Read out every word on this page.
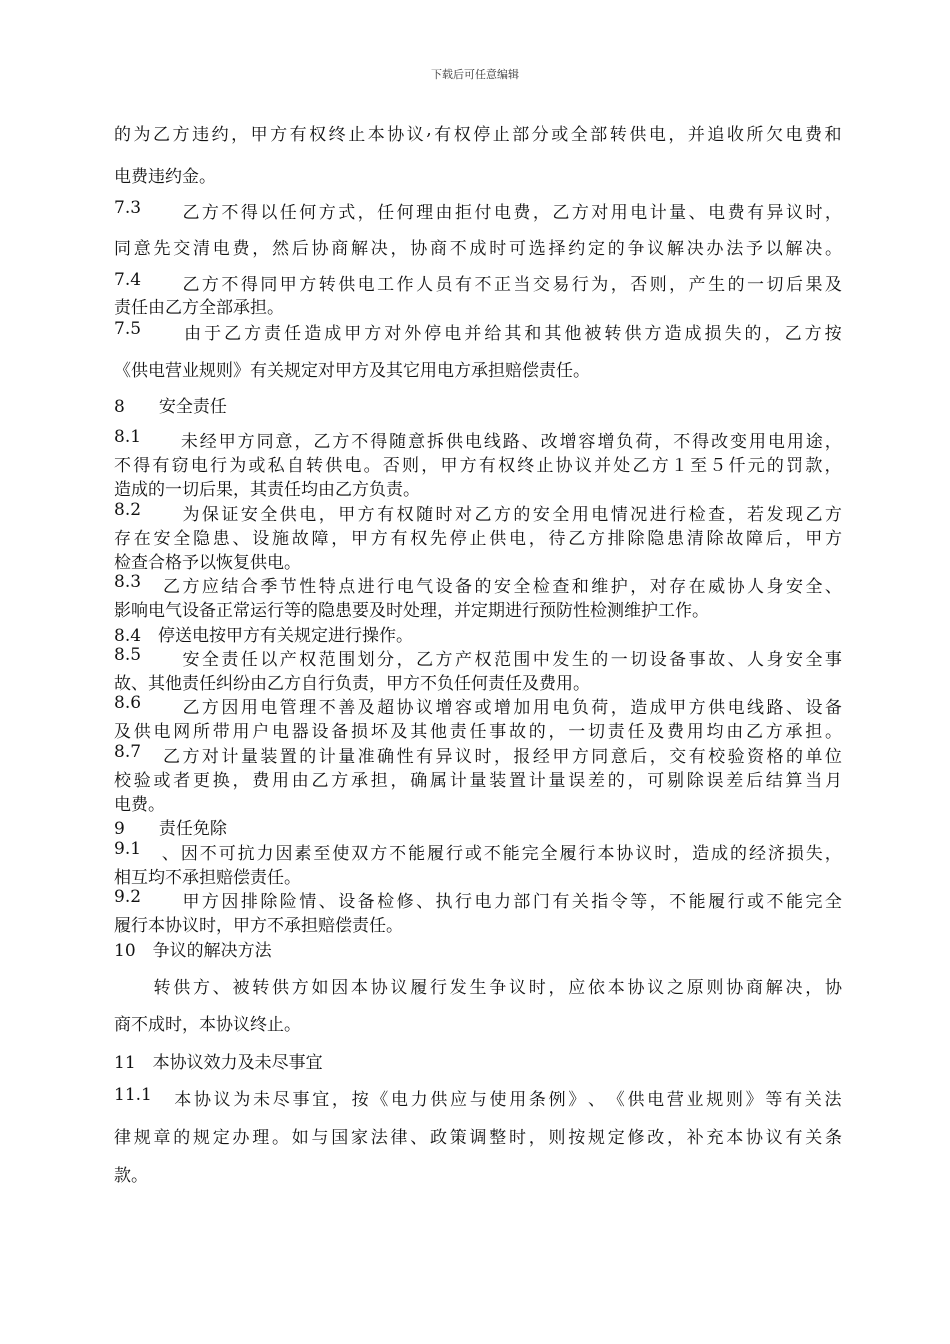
下载后可任意编辑
的 为 乙 方 违 约 ， 甲 方 有 权 终 止 本 协 议 , 有 权 停 止 部 分 或 全 部 转 供 电 ， 并 追 收 所 欠 电 费 和
电费违约金。
7.3

　 乙 方 不 得 以 任 何 方 式 ， 任 何 理 由 拒 付 电 费 ， 乙 方 对 用 电 计 量 、 电 费 有 异 议 时 ，
同 意 先 交 清 电 费 ， 然 后 协 商 解 决 ， 协 商 不 成 时 可 选 择 约 定 的 争 议 解 决 办 法 予 以 解 决 。
7.4

　 乙 方 不 得 同 甲 方 转 供 电 工 作 人 员 有 不 正 当 交 易 行 为 ， 否 则 ， 产 生 的 一 切 后 果 及
责任由乙方全部承担。
7.5

　	由 于 乙 方 责 任 造 成 甲 方 对 外 停 电 并 给 其 和 其 他 被 转 供 方 造 成 损 失 的 ， 乙 方 按
《供电营业规则》有关规定对甲方及其它用电方承担赔偿责任。
8　　安全责任
8.1

　 未 经 甲 方 同 意 ， 乙 方 不 得 随 意 拆 供 电 线 路 、 改 增 容 增 负 荷 ， 不 得 改 变 用 电 用 途 ，
不 得 有 窃 电 行 为 或 私 自 转 供 电 。 否 则 ， 甲 方 有 权 终 止 协 议 并 处 乙 方 １ 至 ５ 仟 元 的 罚 款 ，
造成的一切后果，其责任均由乙方负责。
8.2

　 为 保 证 安 全 供 电 ， 甲 方 有 权 随 时 对 乙 方 的 安 全 用 电 情 况 进 行 检 查 ， 若 发 现 乙 方
存 在 安 全 隐 患 、 设 施 故 障 ， 甲 方 有 权 先 停 止 供 电 ， 待 乙 方 排 除 隐 患 清 除 故 障 后 ， 甲 方
检查合格予以恢复供电。
8.3
　 乙 方 应 结 合 季 节 性 特 点 进 行 电 气 设 备 的 安 全 检 查 和 维 护 ， 对 存 在 威 协 人 身 安 全 、
影响电气设备正常运行等的隐患要及时处理，并定期进行预防性检测维护工作。
8.4　停送电按甲方有关规定进行操作。
8.5

　 安 全 责 任 以 产 权 范 围 划 分 ， 乙 方 产 权 范 围 中 发 生 的 一 切 设 备 事 故 、 人 身 安 全 事
故、其他责任纠纷由乙方自行负责，甲方不负任何责任及费用。
8.6

　 乙 方 因 用 电 管 理 不 善 及 超 协 议 增 容 或 增 加 用 电 负 荷 ， 造 成 甲 方 供 电 线 路 、 设 备
及 供 电 网 所 带 用 户 电 器 设 备 损 坏 及 其 他 责 任 事 故 的 ， 一 切 责 任 及 费 用 均 由 乙 方 承 担 。
8.7
　 乙 方 对 计 量 装 置 的 计 量 准 确 性 有 异 议 时 ， 报 经 甲 方 同 意 后 ， 交 有 校 验 资 格 的 单 位
校 验 或 者 更 换 ， 费 用 由 乙 方 承 担 ， 确 属 计 量 装 置 计 量 误 差 的 ， 可 剔 除 误 差 后 结 算 当 月
电费。
9　　责任免除
9.1
　 、 因 不 可 抗 力 因 素 至 使 双 方 不 能 履 行 或 不 能 完 全 履 行 本 协 议 时 ， 造 成 的 经 济 损 失 ，
相互均不承担赔偿责任。
9.2

　 甲 方 因 排 除 险 情 、 设 备 检 修 、 执 行 电 力 部 门 有 关 指 令 等 ， 不 能 履 行 或 不 能 完 全
履行本协议时，甲方不承担赔偿责任。
10　争议的解决方法

转 供 方 、 被 转 供 方 如 因 本 协 议 履 行 发 生 争 议 时 ， 应 依 本 协 议 之 原 则 协 商 解 决 ， 协
商不成时，本协议终止。
11　本协议效力及未尽事宜
11.1
　 本 协 议 为 未 尽 事 宜 ， 按 《 电 力 供 应 与 使 用 条 例 》 、 《 供 电 营 业 规 则 》 等 有 关 法
律 规 章 的 规 定 办 理 。 如 与 国 家 法 律 、 政 策 调 整 时 ， 则 按 规 定 修 改 ， 补 充 本 协 议 有 关 条
款。
